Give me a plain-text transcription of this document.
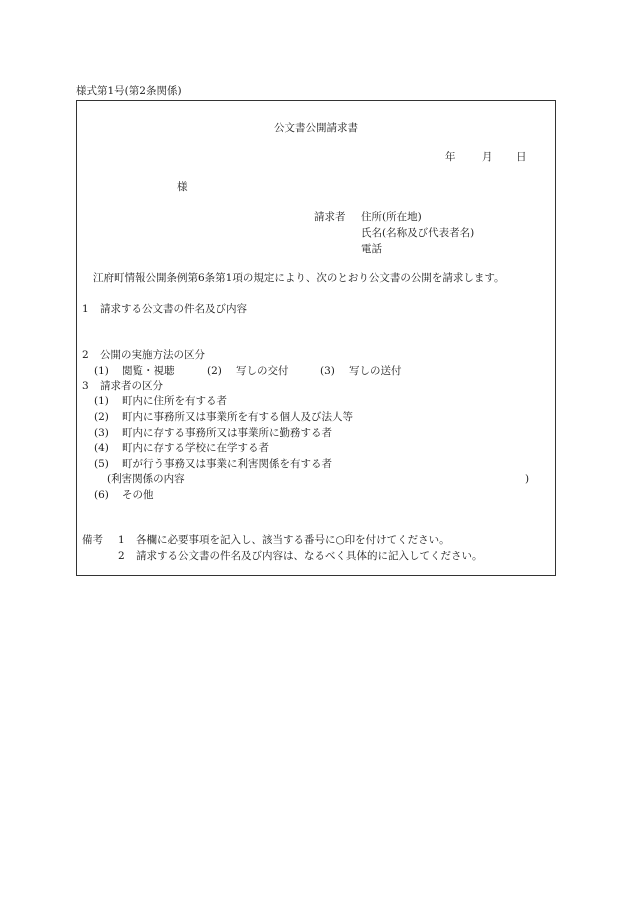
様式第1号(第2条関係)
公文書公開請求書
年	月 日
様
請求者 住所(所在地)
氏名(名称及び代表者名)
電話
江府町情報公開条例第6条第1項の規定により、次のとおり公文書の公開を請求します。
1 請求する公文書の件名及び内容
2 公開の実施方法の区分
(1) 閲覧・視聴	(2) 写しの交付	(3) 写しの送付
3 請求者の区分
(1) 町内に住所を有する者
(2) 町内に事務所又は事業所を有する個人及び法人等
(3) 町内に存する事務所又は事業所に勤務する者
(4) 町内に存する学校に在学する者
(5) 町が行う事務又は事業に利害関係を有する者
(利害関係の内容	)
(6) その他
備考 1 各欄に必要事項を記入し、該当する番号に○印を付けてください。
2 請求する公文書の件名及び内容は、なるべく具体的に記入してください。
